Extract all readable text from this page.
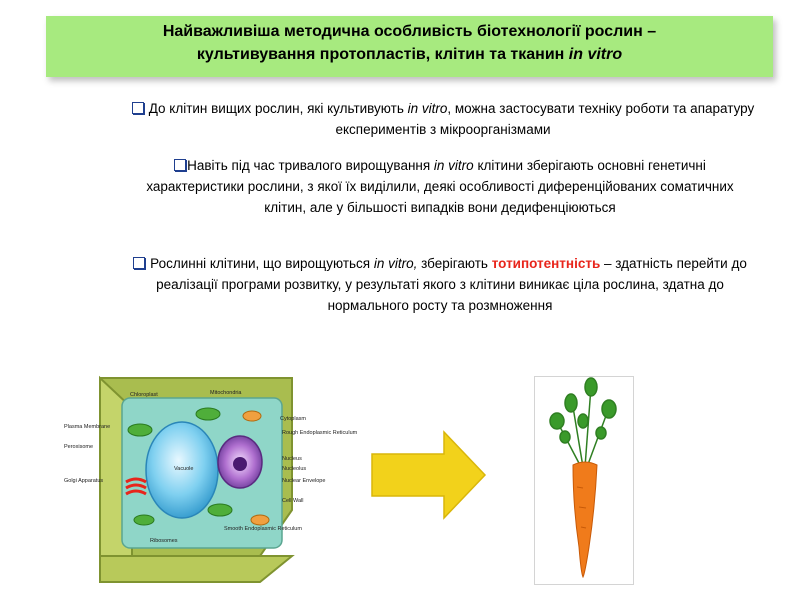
Найважливіша методична особливість біотехнології рослин –
культивування протопластів, клітин та тканин in vitro
До клітин вищих рослин, які культивують in vitro, можна застосувати техніку роботи та апаратуру експериментів з мікроорганізмами
Навіть під час тривалого вирощування in vitro клітини зберігають основні генетичні характеристики рослини, з якої їх виділили, деякі особливості диференційованих соматичних клітин, але у більшості випадків вони дедифенціюються
Рослинні клітини, що вирощуються in vitro, зберігають тотипотентність – здатність перейти до реалізації програми розвитку, у результаті якого з клітини виникає ціла рослина, здатна до нормального росту та розмноження
Chloroplast	Mitochondria
Plasma Membrane
Peroxisome
Golgi Apparatus
Vacuole
Ribosomes
Cytoplasm
Rough Endoplasmic Reticulum
Nucleus
Nucleolus
Nuclear Envelope
Cell Wall
Smooth Endoplasmic Reticulum
